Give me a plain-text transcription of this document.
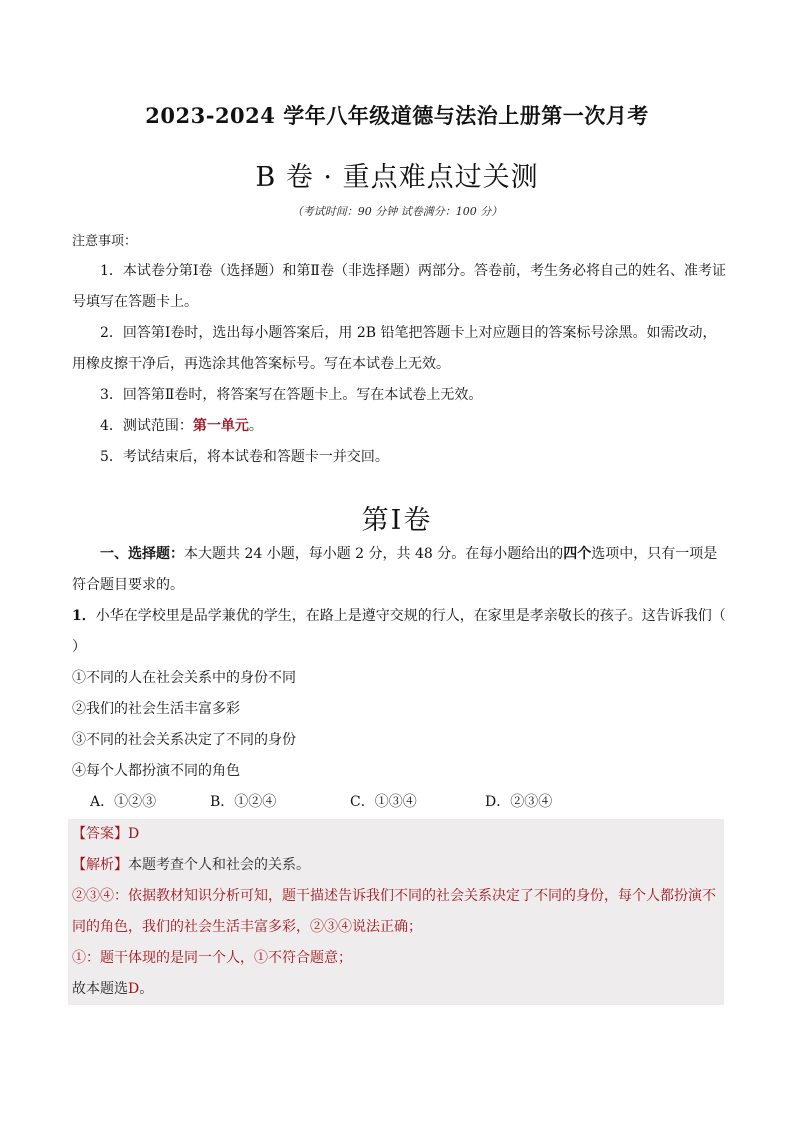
2023-2024 学年八年级道德与法治上册第一次月考
B 卷 · 重点难点过关测
（考试时间：90 分钟 试卷满分：100 分）
注意事项：

1．本试卷分第Ⅰ卷（选择题）和第Ⅱ卷（非选择题）两部分。答卷前，考生务必将自己的姓名、准考证号填写在答题卡上。

2．回答第Ⅰ卷时，选出每小题答案后，用 2B 铅笔把答题卡上对应题目的答案标号涂黑。如需改动，用橡皮擦干净后，再选涂其他答案标号。写在本试卷上无效。

3．回答第Ⅱ卷时，将答案写在答题卡上。写在本试卷上无效。

4．测试范围：第一单元。

5．考试结束后，将本试卷和答题卡一并交回。

第Ⅰ卷

一、选择题：本大题共 24 小题，每小题 2 分，共 48 分。在每小题给出的四个选项中，只有一项是符合题目要求的。

1．小华在学校里是品学兼优的学生，在路上是遵守交规的行人，在家里是孝亲敬长的孩子。这告诉我们（ ）

①不同的人在社会关系中的身份不同

②我们的社会生活丰富多彩

③不同的社会关系决定了不同的身份

④每个人都扮演不同的角色

A．①②③	B．①②④	C．①③④	D．②③④

【答案】D

【解析】本题考查个人和社会的关系。

②③④：依据教材知识分析可知，题干描述告诉我们不同的社会关系决定了不同的身份，每个人都扮演不同的角色，我们的社会生活丰富多彩，②③④说法正确；

①：题干体现的是同一个人，①不符合题意；

故本题选D。
